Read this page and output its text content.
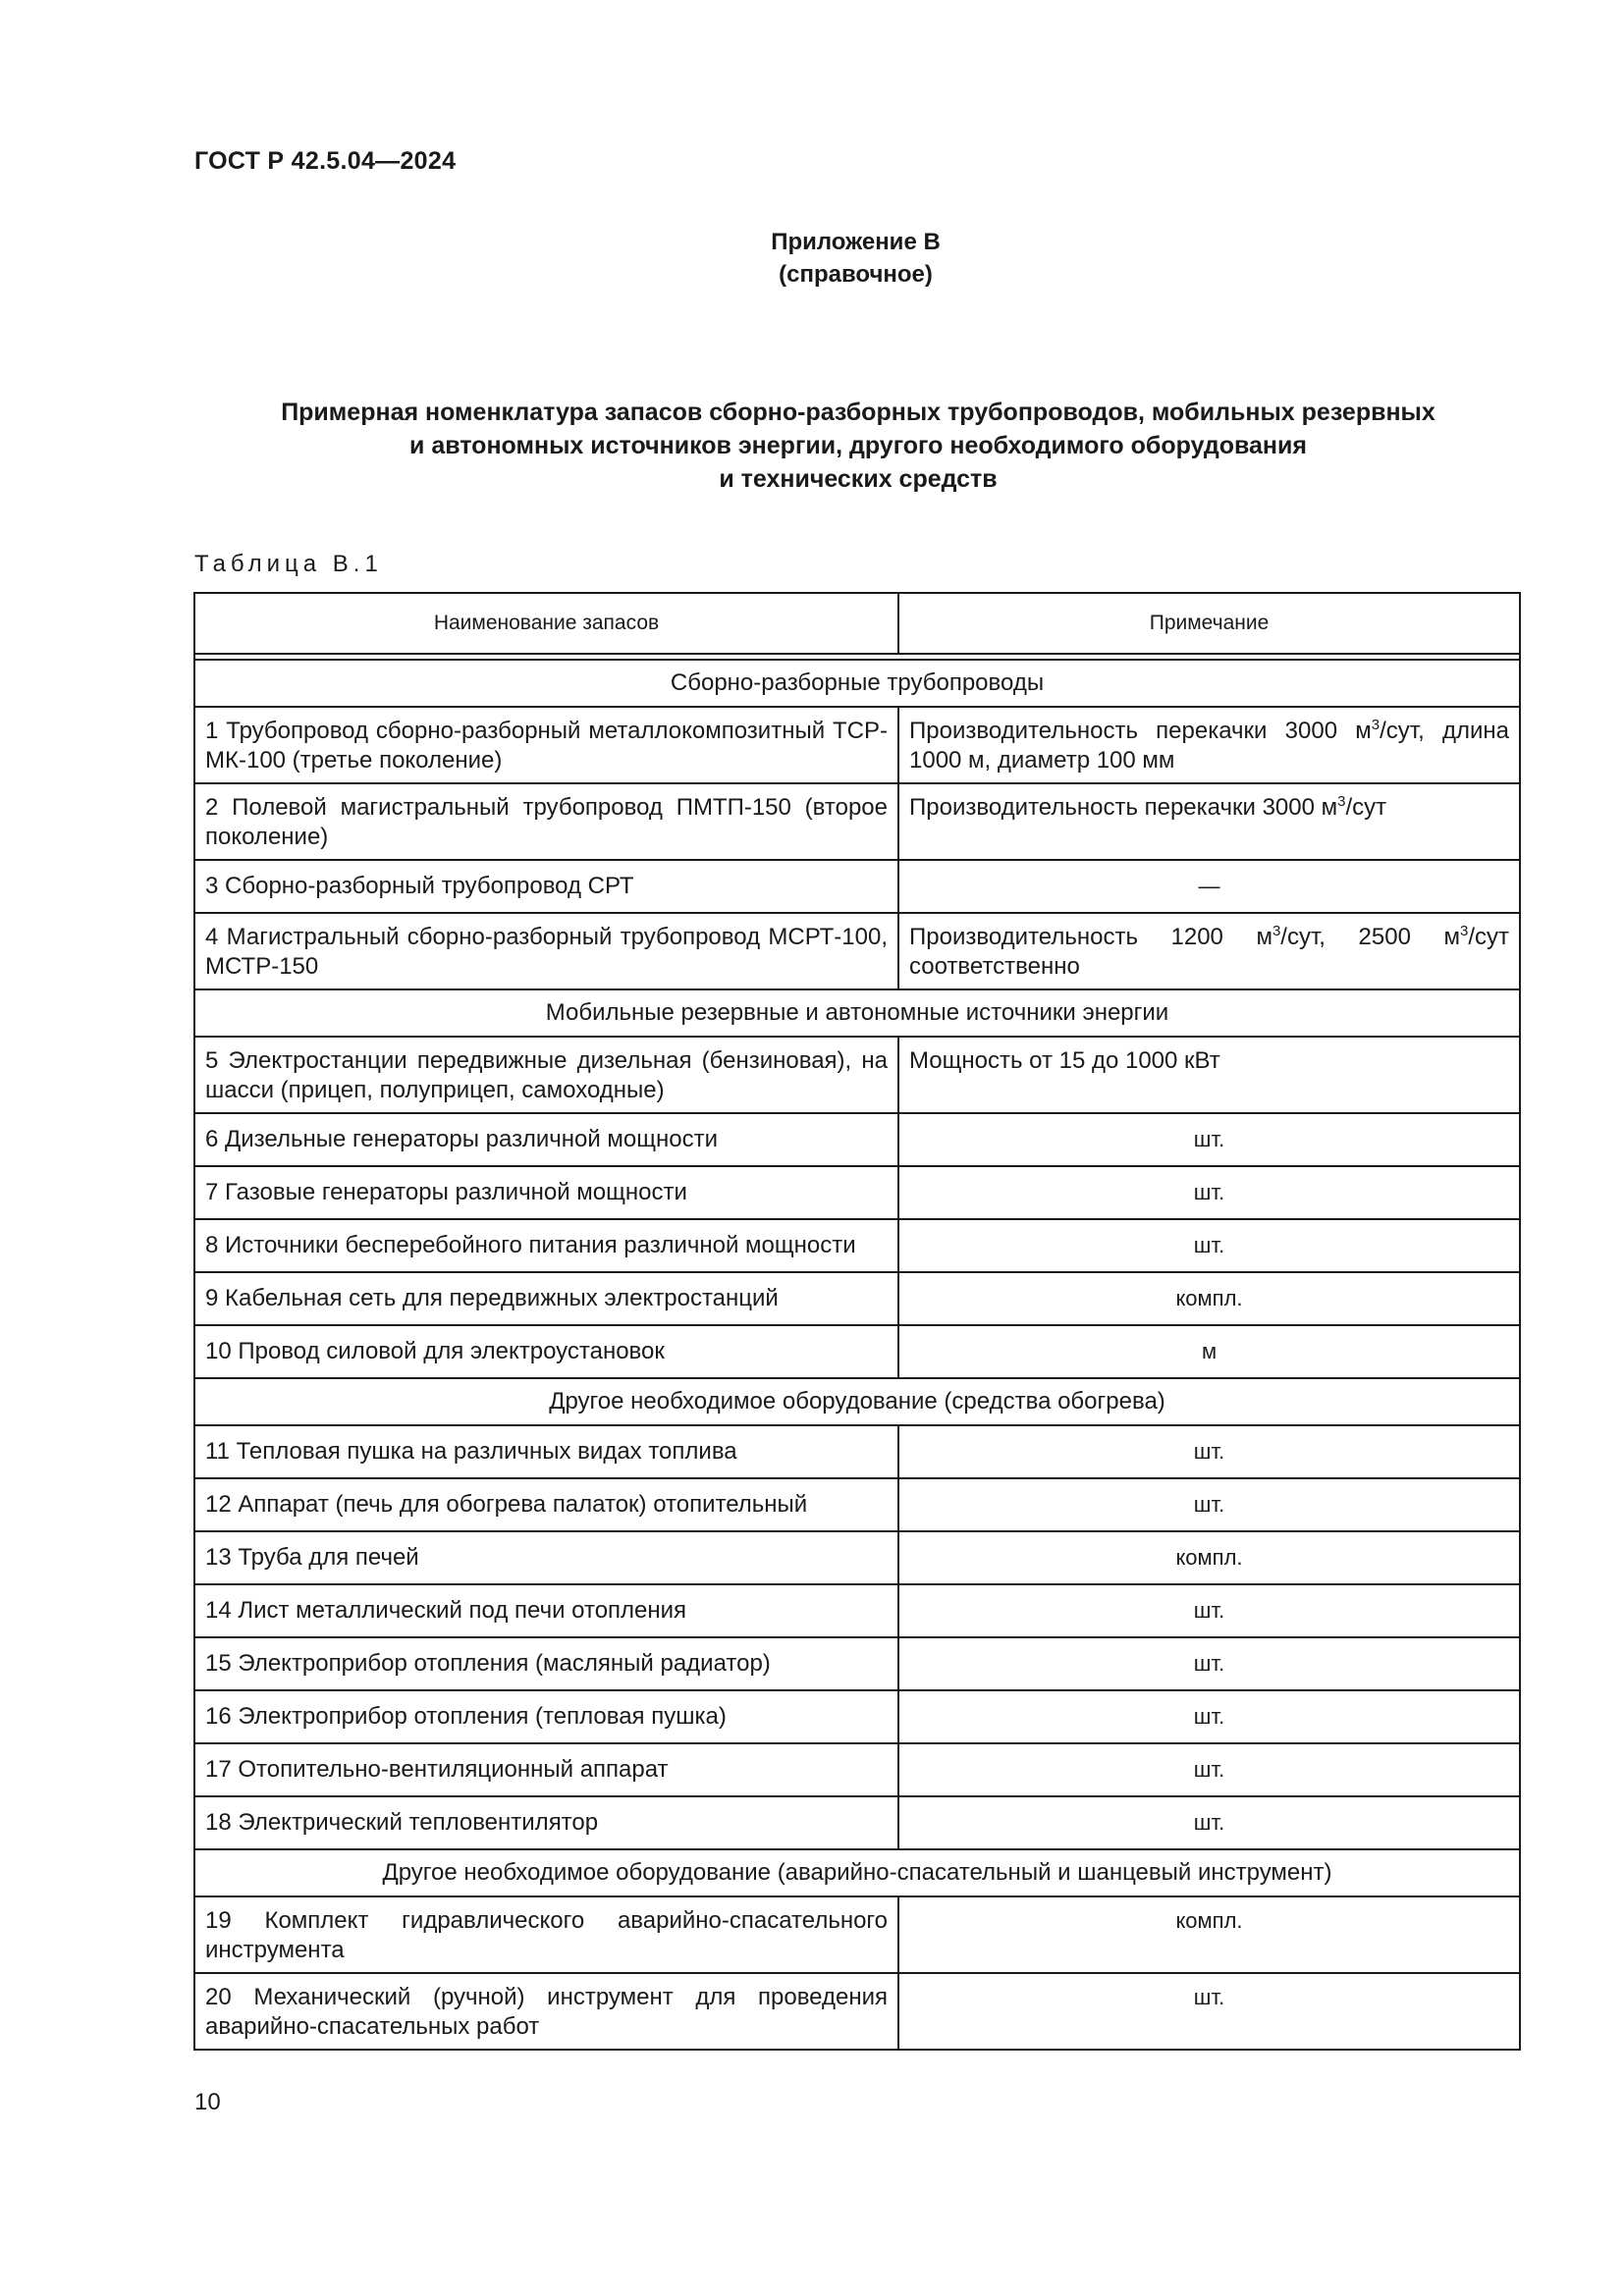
ГОСТ Р 42.5.04—2024
Приложение В
(справочное)
Примерная номенклатура запасов сборно-разборных трубопроводов, мобильных резервных
и автономных источников энергии, другого необходимого оборудования
и технических средств
Таблица В.1
Наименование запасов	Примечание

Сборно-разборные трубопроводы	
1 Трубопровод сборно-разборный металлокомпозитный ТСР-МК-100 (третье поколение)	Производительность перекачки 3000 $м^3$/сут, длина 1000 м, диаметр 100 мм
2 Полевой магистральный трубопровод ПМТП-150 (второе поколение)	Производительность перекачки 3000 $м^3$/сут
3 Сборно-разборный трубопровод СРТ	—
4 Магистральный сборно-разборный трубопровод МСРТ-100, МСТР-150	Производительность 1200 $м^3$/сут, 2500 $м^3$/сут соответственно
Мобильные резервные и автономные источники энергии	
5 Электростанции передвижные дизельная (бензиновая), на шасси (прицеп, полуприцеп, самоходные)	Мощность от 15 до 1000 кВт
6 Дизельные генераторы различной мощности	шт.
7 Газовые генераторы различной мощности	шт.
8 Источники бесперебойного питания различной мощности	шт.
9 Кабельная сеть для передвижных электростанций	компл.
10 Провод силовой для электроустановок	м
Другое необходимое оборудование (средства обогрева)	
11 Тепловая пушка на различных видах топлива	шт.
12 Аппарат (печь для обогрева палаток) отопительный	шт.
13 Труба для печей	компл.
14 Лист металлический под печи отопления	шт.
15 Электроприбор отопления (масляный радиатор)	шт.
16 Электроприбор отопления (тепловая пушка)	шт.
17 Отопительно-вентиляционный аппарат	шт.
18 Электрический тепловентилятор	шт.
Другое необходимое оборудование (аварийно-спасательный и шанцевый инструмент)	
19 Комплект гидравлического аварийно-спасательного инструмента	компл.
20 Механический (ручной) инструмент для проведения аварийно-спасательных работ	шт.
10
